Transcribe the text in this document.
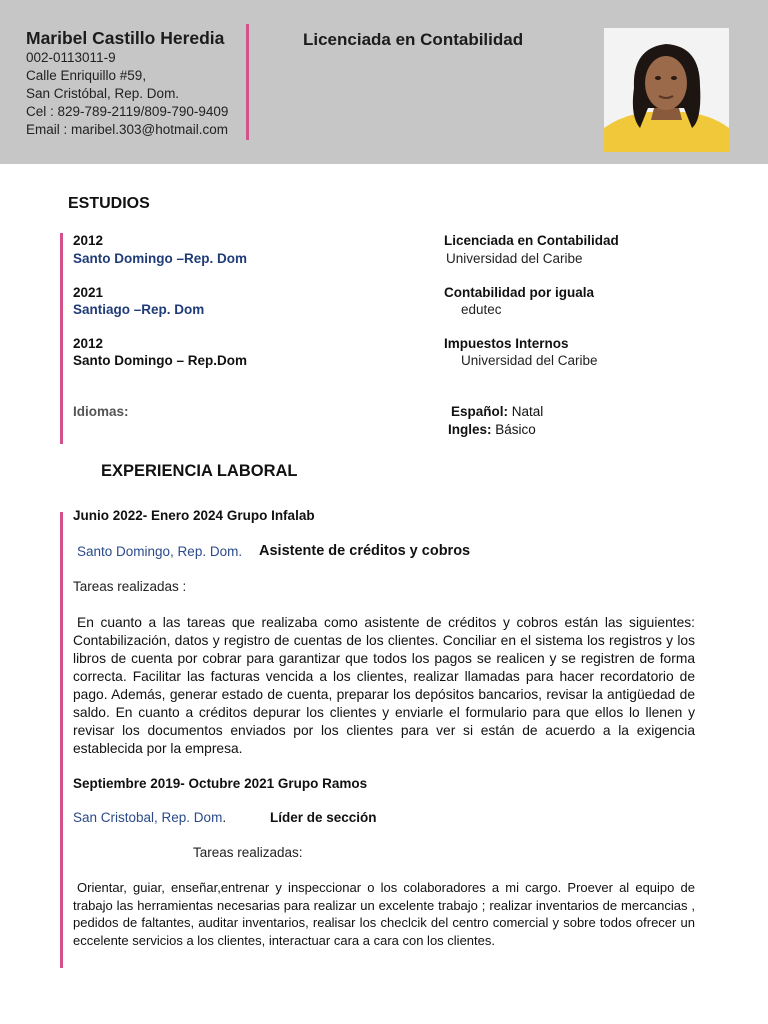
Maribel Castillo Heredia
002-0113011-9
Calle Enriquillo #59,
San Cristóbal, Rep. Dom.
Cel : 829-789-2119/809-790-9409
Email : maribel.303@hotmail.com
Licenciada en Contabilidad
ESTUDIOS
2012
Santo Domingo –Rep. Dom
Licenciada en Contabilidad
Universidad del Caribe
2021
Santiago –Rep. Dom
Contabilidad por iguala
edutec
2012
Santo Domingo – Rep.Dom
Impuestos Internos
Universidad del Caribe
Idiomas:	Español: Natal
Ingles: Básico
EXPERIENCIA LABORAL
Junio 2022- Enero 2024 Grupo Infalab
Santo Domingo, Rep. Dom. Asistente de créditos y cobros
Tareas realizadas :
En cuanto a las tareas que realizaba como asistente de créditos y cobros están las siguientes: Contabilización, datos y registro de cuentas de los clientes. Conciliar en el sistema los registros y los libros de cuenta por cobrar para garantizar que todos los pagos se realicen y se registren de forma correcta. Facilitar las facturas vencida a los clientes, realizar llamadas para hacer recordatorio de pago. Además, generar estado de cuenta, preparar los depósitos bancarios, revisar la antigüedad de saldo. En cuanto a créditos depurar los clientes y enviarle el formulario para que ellos lo llenen y revisar los documentos enviados por los clientes para ver si están de acuerdo a la exigencia establecida por la empresa.
Septiembre 2019- Octubre 2021 Grupo Ramos
San Cristobal, Rep. Dom.	Líder de sección
Tareas realizadas:
Orientar, guiar, enseñar,entrenar y inspeccionar o los colaboradores a mi cargo. Proever al equipo de trabajo las herramientas necesarias para realizar un excelente trabajo ; realizar inventarios de mercancias , pedidos de faltantes, auditar inventarios, realisar los checlcik del centro comercial y sobre todos ofrecer un eccelente servicios a los clientes, interactuar cara a cara con los clientes.
